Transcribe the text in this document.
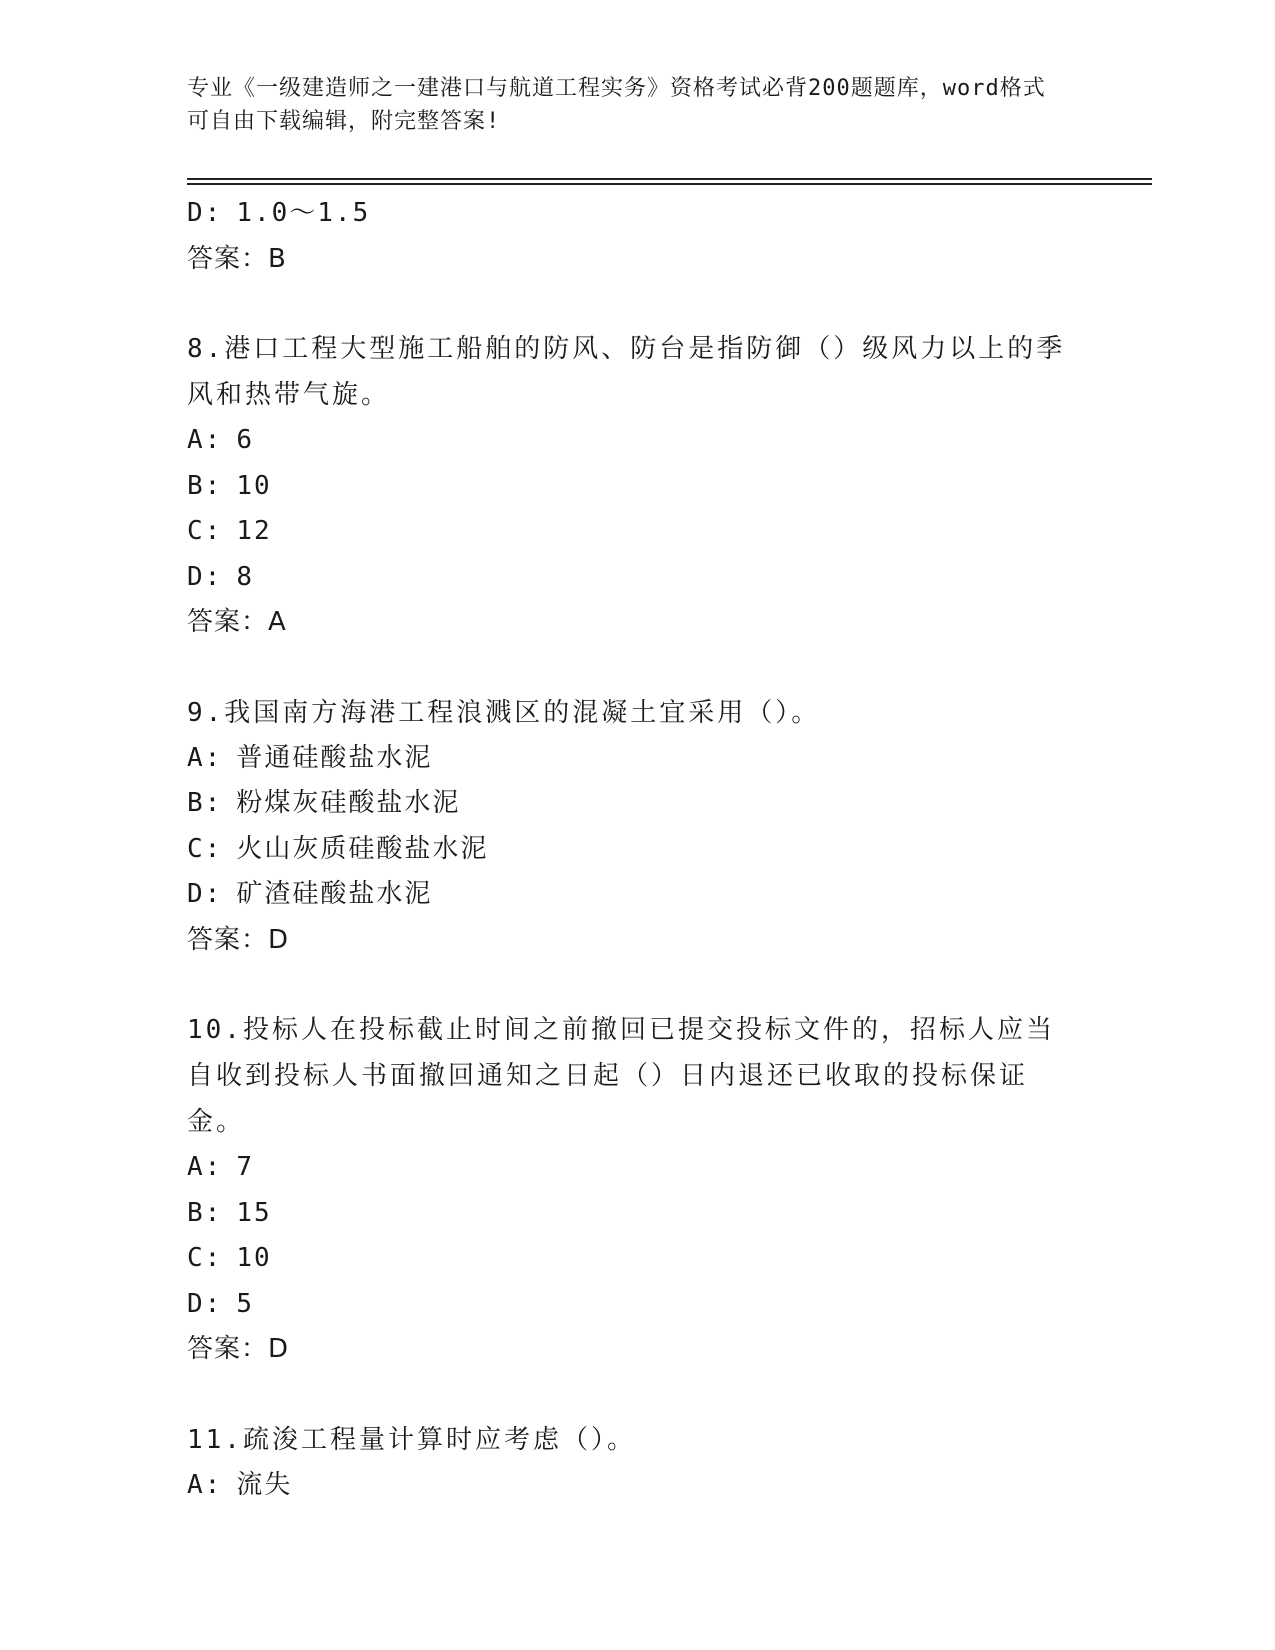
专业《一级建造师之一建港口与航道工程实务》资格考试必背200题题库，word格式可自由下载编辑，附完整答案!
D: 1.0～1.5
答案：B
8.港口工程大型施工船舶的防风、防台是指防御（）级风力以上的季风和热带气旋。
A: 6
B: 10
C: 12
D: 8
答案：A
9.我国南方海港工程浪溅区的混凝土宜采用（）。
A: 普通硅酸盐水泥
B: 粉煤灰硅酸盐水泥
C: 火山灰质硅酸盐水泥
D: 矿渣硅酸盐水泥
答案：D
10.投标人在投标截止时间之前撤回已提交投标文件的，招标人应当自收到投标人书面撤回通知之日起（）日内退还已收取的投标保证金。
A: 7
B: 15
C: 10
D: 5
答案：D
11.疏浚工程量计算时应考虑（）。
A: 流失
